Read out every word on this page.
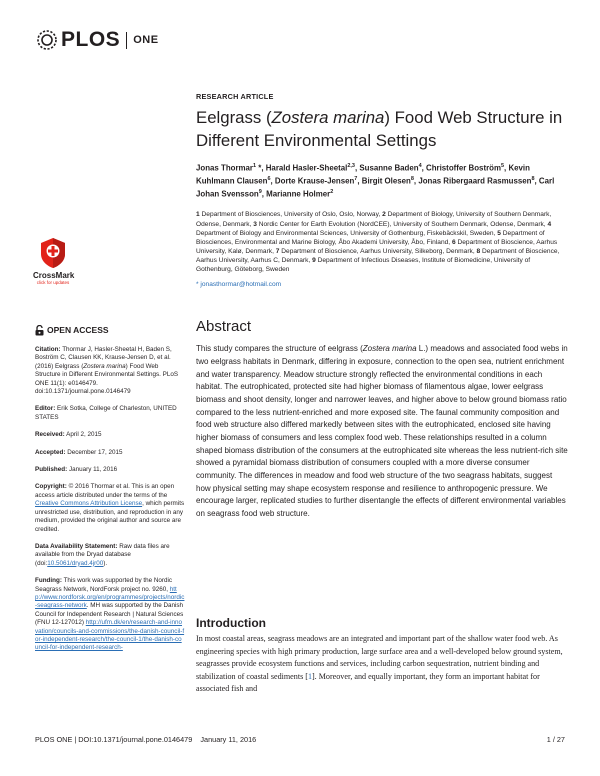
PLOS ONE
CrossMark
click for updates
OPEN ACCESS
Citation: Thormar J, Hasler-Sheetal H, Baden S, Boström C, Clausen KK, Krause-Jensen D, et al. (2016) Eelgrass (Zostera marina) Food Web Structure in Different Environmental Settings. PLoS ONE 11(1): e0146479. doi:10.1371/journal.pone.0146479
Editor: Erik Sotka, College of Charleston, UNITED STATES
Received: April 2, 2015
Accepted: December 17, 2015
Published: January 11, 2016
Copyright: © 2016 Thormar et al. This is an open access article distributed under the terms of the Creative Commons Attribution License, which permits unrestricted use, distribution, and reproduction in any medium, provided the original author and source are credited.
Data Availability Statement: Raw data files are available from the Dryad database (doi:10.5061/dryad.4jr00).
Funding: This work was supported by the Nordic Seagrass Network, NordForsk project no. 9260, http://www.nordforsk.org/en/programmes/projects/nordic-seagrass-network. MH was supported by the Danish Council for Independent Research | Natural Sciences (FNU 12-127012) http://ufm.dk/en/research-and-innovation/councils-and-commissions/the-danish-council-for-independent-research/the-council-1/the-danish-council-for-independent-research-
RESEARCH ARTICLE
Eelgrass (Zostera marina) Food Web Structure in Different Environmental Settings
Jonas Thormar$^1$ *, Harald Hasler-Sheetal$^{2,3}$, Susanne Baden$^4$, Christoffer Boström$^5$, Kevin Kuhlmann Clausen$^6$, Dorte Krause-Jensen$^7$, Birgit Olesen$^8$, Jonas Ribergaard Rasmussen$^8$, Carl Johan Svensson$^9$, Marianne Holmer$^2$
1 Department of Biosciences, University of Oslo, Oslo, Norway, 2 Department of Biology, University of Southern Denmark, Odense, Denmark, 3 Nordic Center for Earth Evolution (NordCEE), University of Southern Denmark, Odense, Denmark, 4 Department of Biology and Environmental Sciences, University of Gothenburg, Fiskebäckskil, Sweden, 5 Department of Biosciences, Environmental and Marine Biology, Åbo Akademi University, Åbo, Finland, 6 Department of Bioscience, Aarhus University, Kalø, Denmark, 7 Department of Bioscience, Aarhus University, Silkeborg, Denmark, 8 Department of Bioscience, Aarhus University, Aarhus C, Denmark, 9 Department of Infectious Diseases, Institute of Biomedicine, University of Gothenburg, Göteborg, Sweden
* jonasthormar@hotmail.com
Abstract
This study compares the structure of eelgrass (Zostera marina L.) meadows and associated food webs in two eelgrass habitats in Denmark, differing in exposure, connection to the open sea, nutrient enrichment and water transparency. Meadow structure strongly reflected the environmental conditions in each habitat. The eutrophicated, protected site had higher biomass of filamentous algae, lower eelgrass biomass and shoot density, longer and narrower leaves, and higher above to below ground biomass ratio compared to the less nutrient-enriched and more exposed site. The faunal community composition and food web structure also differed markedly between sites with the eutrophicated, enclosed site having higher biomass of consumers and less complex food web. These relationships resulted in a column shaped biomass distribution of the consumers at the eutrophicated site whereas the less nutrient-rich site showed a pyramidal biomass distribution of consumers coupled with a more diverse consumer community. The differences in meadow and food web structure of the two seagrass habitats, suggest how physical setting may shape ecosystem response and resilience to anthropogenic pressure. We encourage larger, replicated studies to further disentangle the effects of different environmental variables on seagrass food web structure.
Introduction
In most coastal areas, seagrass meadows are an integrated and important part of the shallow water food web. As engineering species with high primary production, large surface area and a well-developed below ground system, seagrasses provide ecosystem functions and services, including carbon sequestration, nutrient binding and stabilization of coastal sediments [1]. Moreover, and equally important, they form an important habitat for associated fish and
PLOS ONE | DOI:10.1371/journal.pone.0146479    January 11, 2016	1 / 27
